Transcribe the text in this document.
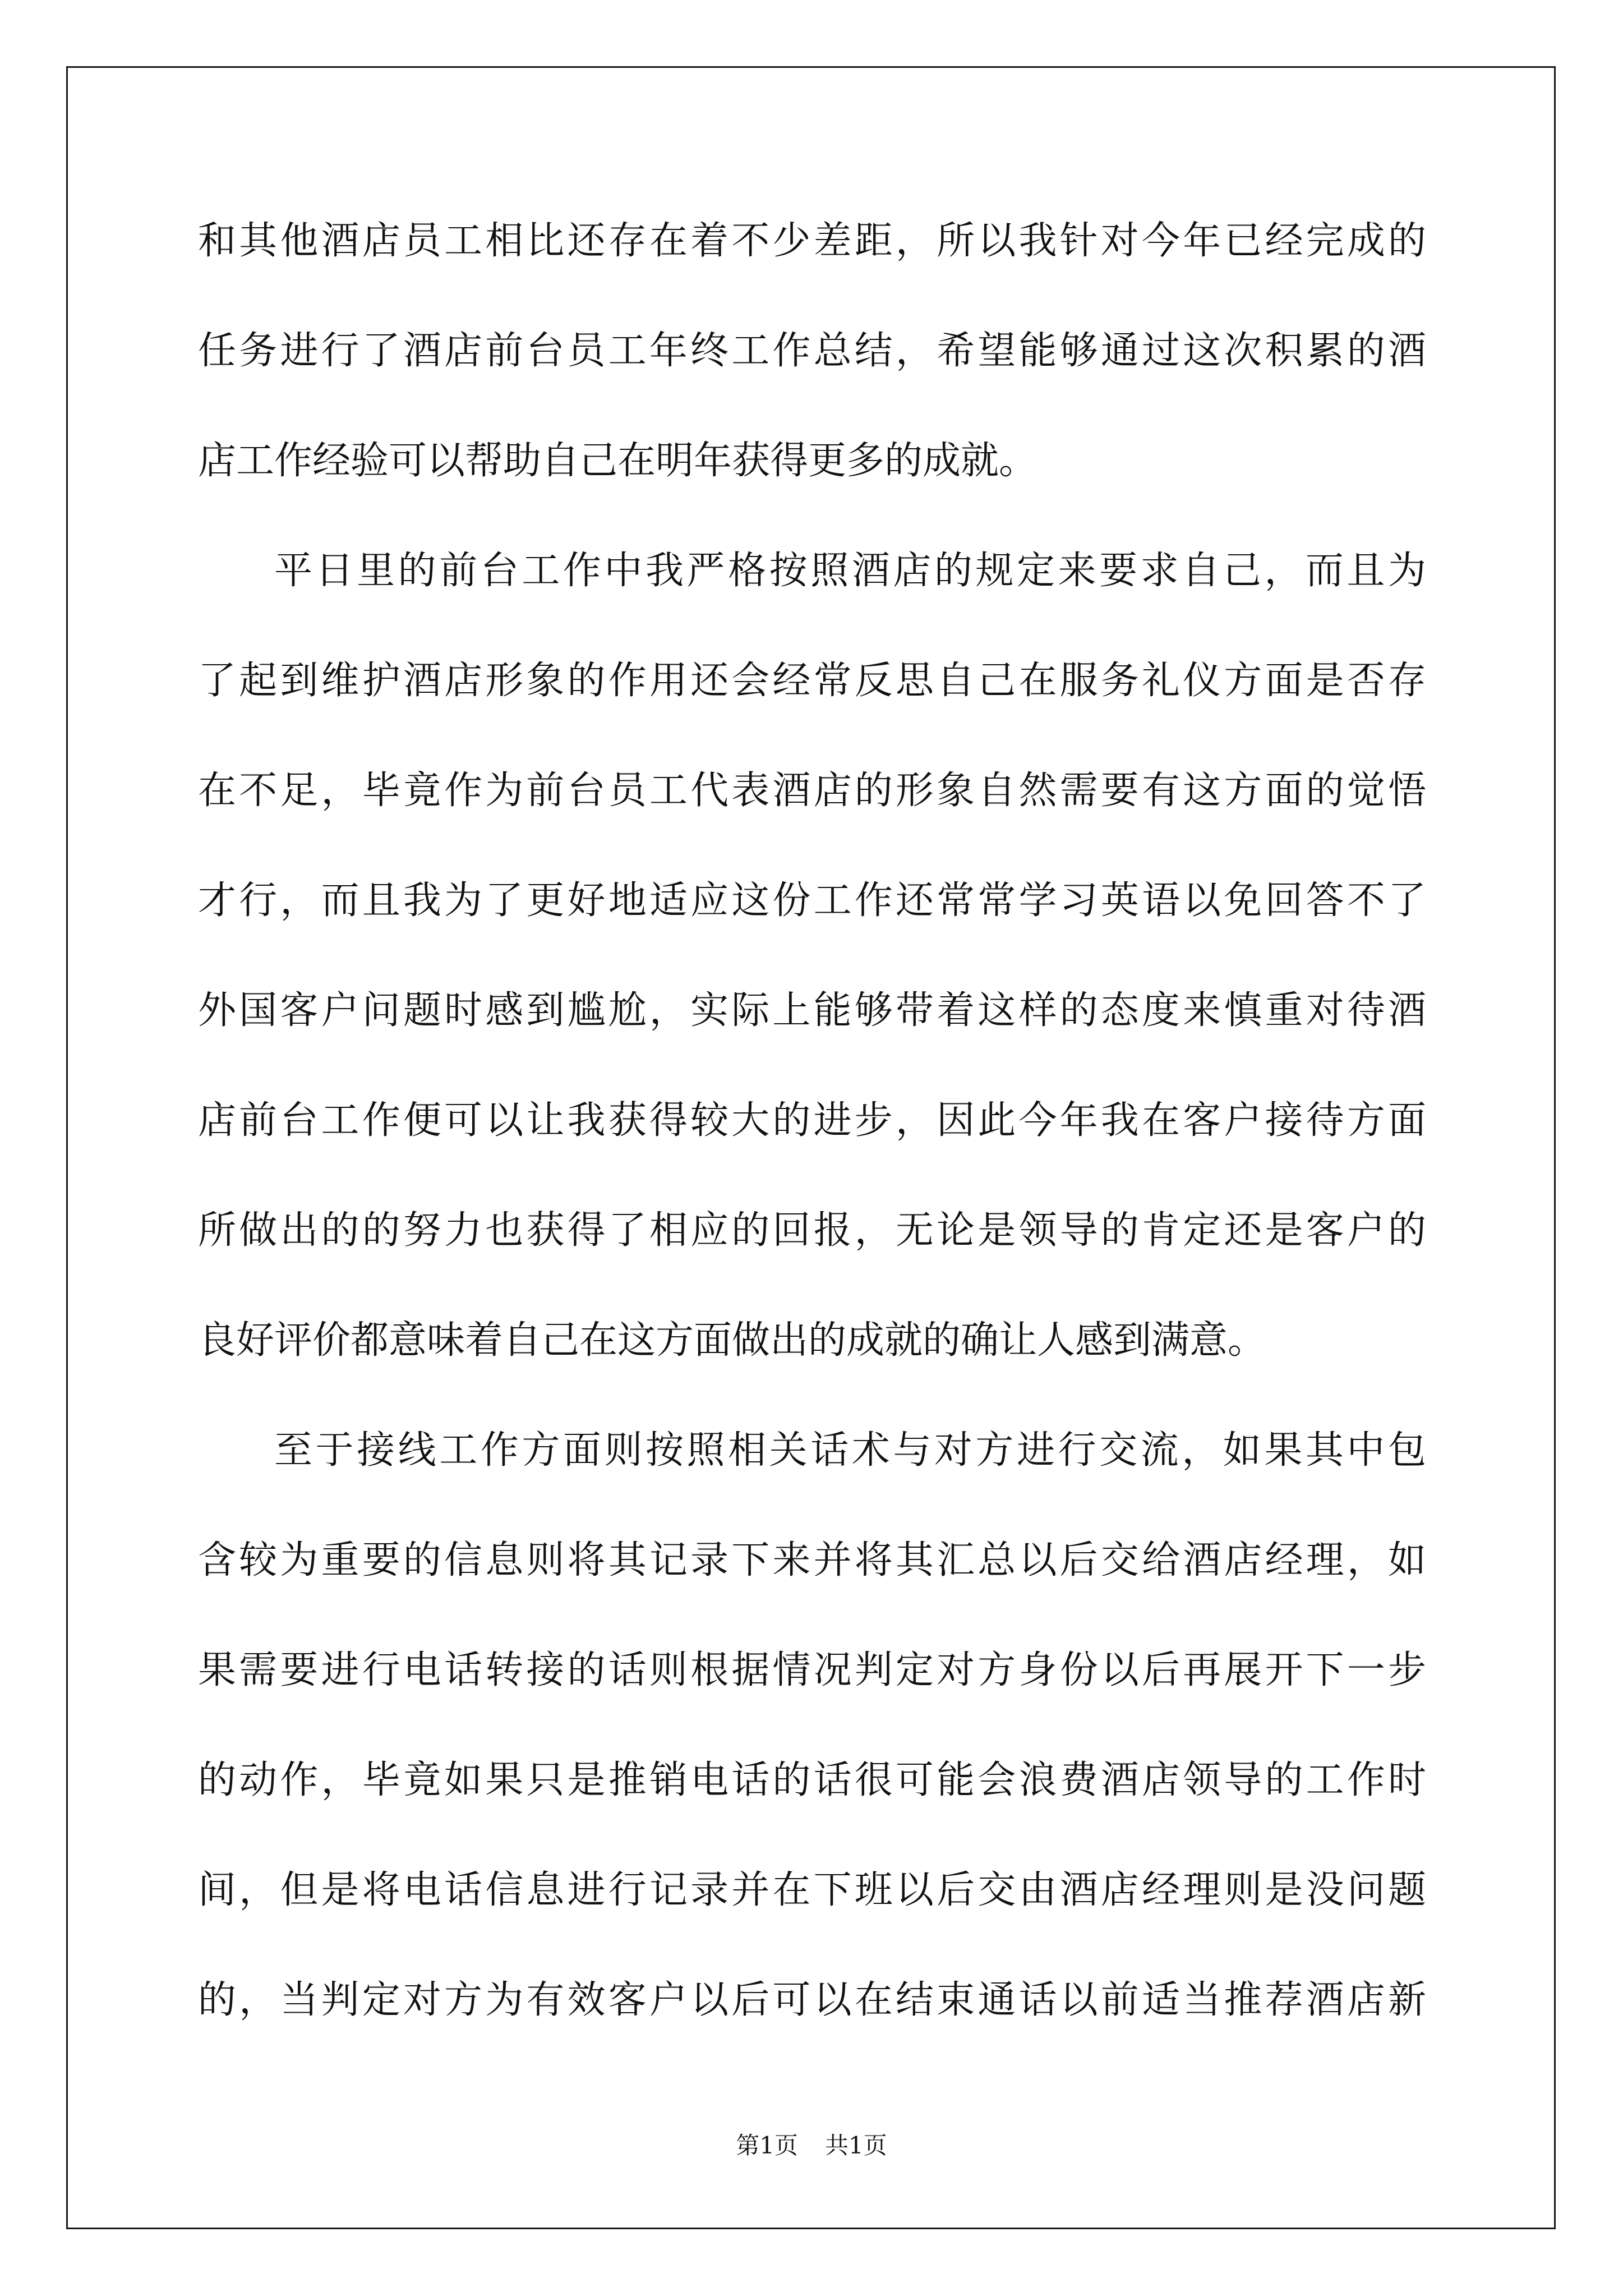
和其他酒店员工相比还存在着不少差距，所以我针对今年已经完成的
任务进行了酒店前台员工年终工作总结，希望能够通过这次积累的酒
店工作经验可以帮助自己在明年获得更多的成就。
平日里的前台工作中我严格按照酒店的规定来要求自己，而且为
了起到维护酒店形象的作用还会经常反思自己在服务礼仪方面是否存
在不足，毕竟作为前台员工代表酒店的形象自然需要有这方面的觉悟
才行，而且我为了更好地适应这份工作还常常学习英语以免回答不了
外国客户问题时感到尴尬，实际上能够带着这样的态度来慎重对待酒
店前台工作便可以让我获得较大的进步，因此今年我在客户接待方面
所做出的的努力也获得了相应的回报，无论是领导的肯定还是客户的
良好评价都意味着自己在这方面做出的成就的确让人感到满意。
至于接线工作方面则按照相关话术与对方进行交流，如果其中包
含较为重要的信息则将其记录下来并将其汇总以后交给酒店经理，如
果需要进行电话转接的话则根据情况判定对方身份以后再展开下一步
的动作，毕竟如果只是推销电话的话很可能会浪费酒店领导的工作时
间，但是将电话信息进行记录并在下班以后交由酒店经理则是没问题
的，当判定对方为有效客户以后可以在结束通话以前适当推荐酒店新
第1页 共1页
